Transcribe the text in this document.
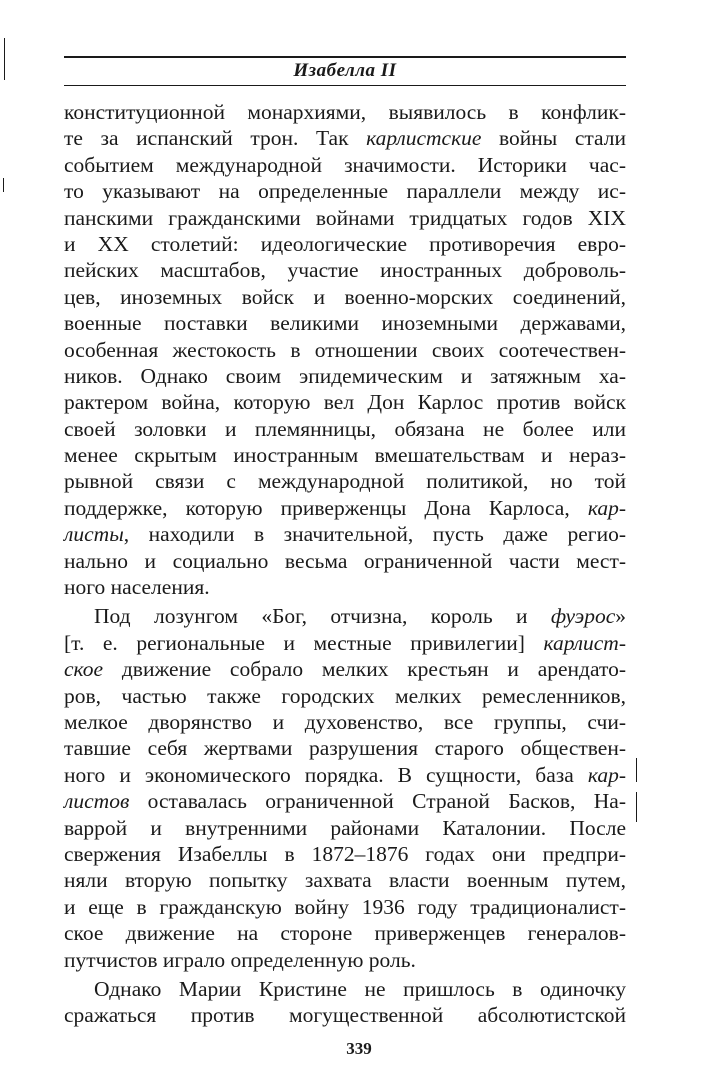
Изабелла II
конституционной монархиями, выявилось в конфлик-
те за испанский трон. Так карлистские войны стали
событием международной значимости. Историки час-
то указывают на определенные параллели между ис-
панскими гражданскими войнами тридцатых годов XIX
и XX столетий: идеологические противоречия евро-
пейских масштабов, участие иностранных доброволь-
цев, иноземных войск и военно-морских соединений,
военные поставки великими иноземными державами,
особенная жестокость в отношении своих соотечествен-
ников. Однако своим эпидемическим и затяжным ха-
рактером война, которую вел Дон Карлос против войск
своей золовки и племянницы, обязана не более или
менее скрытым иностранным вмешательствам и нераз-
рывной связи с международной политикой, но той
поддержке, которую приверженцы Дона Карлоса, кар-
листы, находили в значительной, пусть даже регио-
нально и социально весьма ограниченной части мест-
ного населения.
Под лозунгом «Бог, отчизна, король и фуэрос»
[т. е. региональные и местные привилегии] карлист-
ское движение собрало мелких крестьян и арендато-
ров, частью также городских мелких ремесленников,
мелкое дворянство и духовенство, все группы, счи-
тавшие себя жертвами разрушения старого обществен-
ного и экономического порядка. В сущности, база кар-
листов оставалась ограниченной Страной Басков, На-
варрой и внутренними районами Каталонии. После
свержения Изабеллы в 1872–1876 годах они предпри-
няли вторую попытку захвата власти военным путем,
и еще в гражданскую войну 1936 году традиционалист-
ское движение на стороне приверженцев генералов-
путчистов играло определенную роль.
Однако Марии Кристине не пришлось в одиночку
сражаться против могущественной абсолютистской
339
